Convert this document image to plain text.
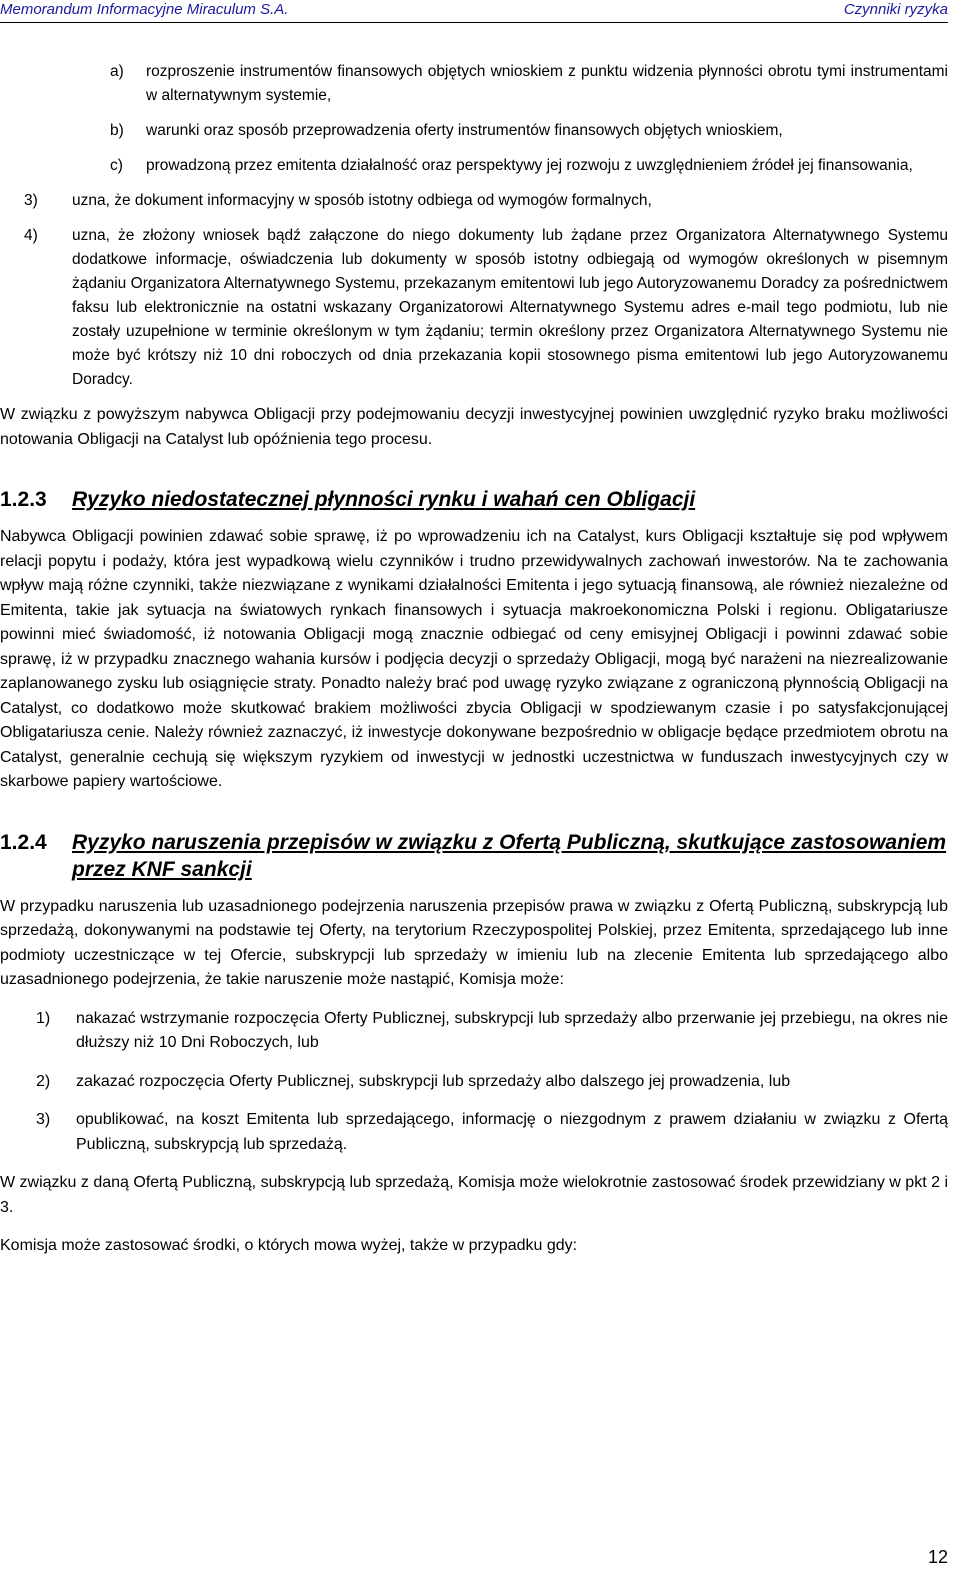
Memorandum Informacyjne Miraculum S.A.	Czynniki ryzyka
a)	rozproszenie instrumentów finansowych objętych wnioskiem z punktu widzenia płynności obrotu tymi instrumentami w alternatywnym systemie,
b)	warunki oraz sposób przeprowadzenia oferty instrumentów finansowych objętych wnioskiem,
c)	prowadzoną przez emitenta działalność oraz perspektywy jej rozwoju z uwzględnieniem źródeł jej finansowania,
3)	uzna, że dokument informacyjny w sposób istotny odbiega od wymogów formalnych,
4)	uzna, że złożony wniosek bądź załączone do niego dokumenty lub żądane przez Organizatora Alternatywnego Systemu dodatkowe informacje, oświadczenia lub dokumenty w sposób istotny odbiegają od wymogów określonych w pisemnym żądaniu Organizatora Alternatywnego Systemu, przekazanym emitentowi lub jego Autoryzowanemu Doradcy za pośrednictwem faksu lub elektronicznie na ostatni wskazany Organizatorowi Alternatywnego Systemu adres e-mail tego podmiotu, lub nie zostały uzupełnione w terminie określonym w tym żądaniu; termin określony przez Organizatora Alternatywnego Systemu nie może być krótszy niż 10 dni roboczych od dnia przekazania kopii stosownego pisma emitentowi lub jego Autoryzowanemu Doradcy.

W związku z powyższym nabywca Obligacji przy podejmowaniu decyzji inwestycyjnej powinien uwzględnić ryzyko braku możliwości notowania Obligacji na Catalyst lub opóźnienia tego procesu.

1.2.3	Ryzyko niedostatecznej płynności rynku i wahań cen Obligacji

Nabywca Obligacji powinien zdawać sobie sprawę, iż po wprowadzeniu ich na Catalyst, kurs Obligacji kształtuje się pod wpływem relacji popytu i podaży, która jest wypadkową wielu czynników i trudno przewidywalnych zachowań inwestorów. Na te zachowania wpływ mają różne czynniki, także niezwiązane z wynikami działalności Emitenta i jego sytuacją finansową, ale również niezależne od Emitenta, takie jak sytuacja na światowych rynkach finansowych i sytuacja makroekonomiczna Polski i regionu. Obligatariusze powinni mieć świadomość, iż notowania Obligacji mogą znacznie odbiegać od ceny emisyjnej Obligacji i powinni zdawać sobie sprawę, iż w przypadku znacznego wahania kursów i podjęcia decyzji o sprzedaży Obligacji, mogą być narażeni na niezrealizowanie zaplanowanego zysku lub osiągnięcie straty. Ponadto należy brać pod uwagę ryzyko związane z ograniczoną płynnością Obligacji na Catalyst, co dodatkowo może skutkować brakiem możliwości zbycia Obligacji w spodziewanym czasie i po satysfakcjonującej Obligatariusza cenie. Należy również zaznaczyć, iż inwestycje dokonywane bezpośrednio w obligacje będące przedmiotem obrotu na Catalyst, generalnie cechują się większym ryzykiem od inwestycji w jednostki uczestnictwa w funduszach inwestycyjnych czy w skarbowe papiery wartościowe.

1.2.4	Ryzyko naruszenia przepisów w związku z Ofertą Publiczną, skutkujące zastosowaniem przez KNF sankcji

W przypadku naruszenia lub uzasadnionego podejrzenia naruszenia przepisów prawa w związku z Ofertą Publiczną, subskrypcją lub sprzedażą, dokonywanymi na podstawie tej Oferty, na terytorium Rzeczypospolitej Polskiej, przez Emitenta, sprzedającego lub inne podmioty uczestniczące w tej Ofercie, subskrypcji lub sprzedaży w imieniu lub na zlecenie Emitenta lub sprzedającego albo uzasadnionego podejrzenia, że takie naruszenie może nastąpić, Komisja może:

1)	nakazać wstrzymanie rozpoczęcia Oferty Publicznej, subskrypcji lub sprzedaży albo przerwanie jej przebiegu, na okres nie dłuższy niż 10 Dni Roboczych, lub
2)	zakazać rozpoczęcia Oferty Publicznej, subskrypcji lub sprzedaży albo dalszego jej prowadzenia, lub
3)	opublikować, na koszt Emitenta lub sprzedającego, informację o niezgodnym z prawem działaniu w związku z Ofertą Publiczną, subskrypcją lub sprzedażą.

W związku z daną Ofertą Publiczną, subskrypcją lub sprzedażą, Komisja może wielokrotnie zastosować środek przewidziany w pkt 2 i 3.

Komisja może zastosować środki, o których mowa wyżej, także w przypadku gdy:

12
